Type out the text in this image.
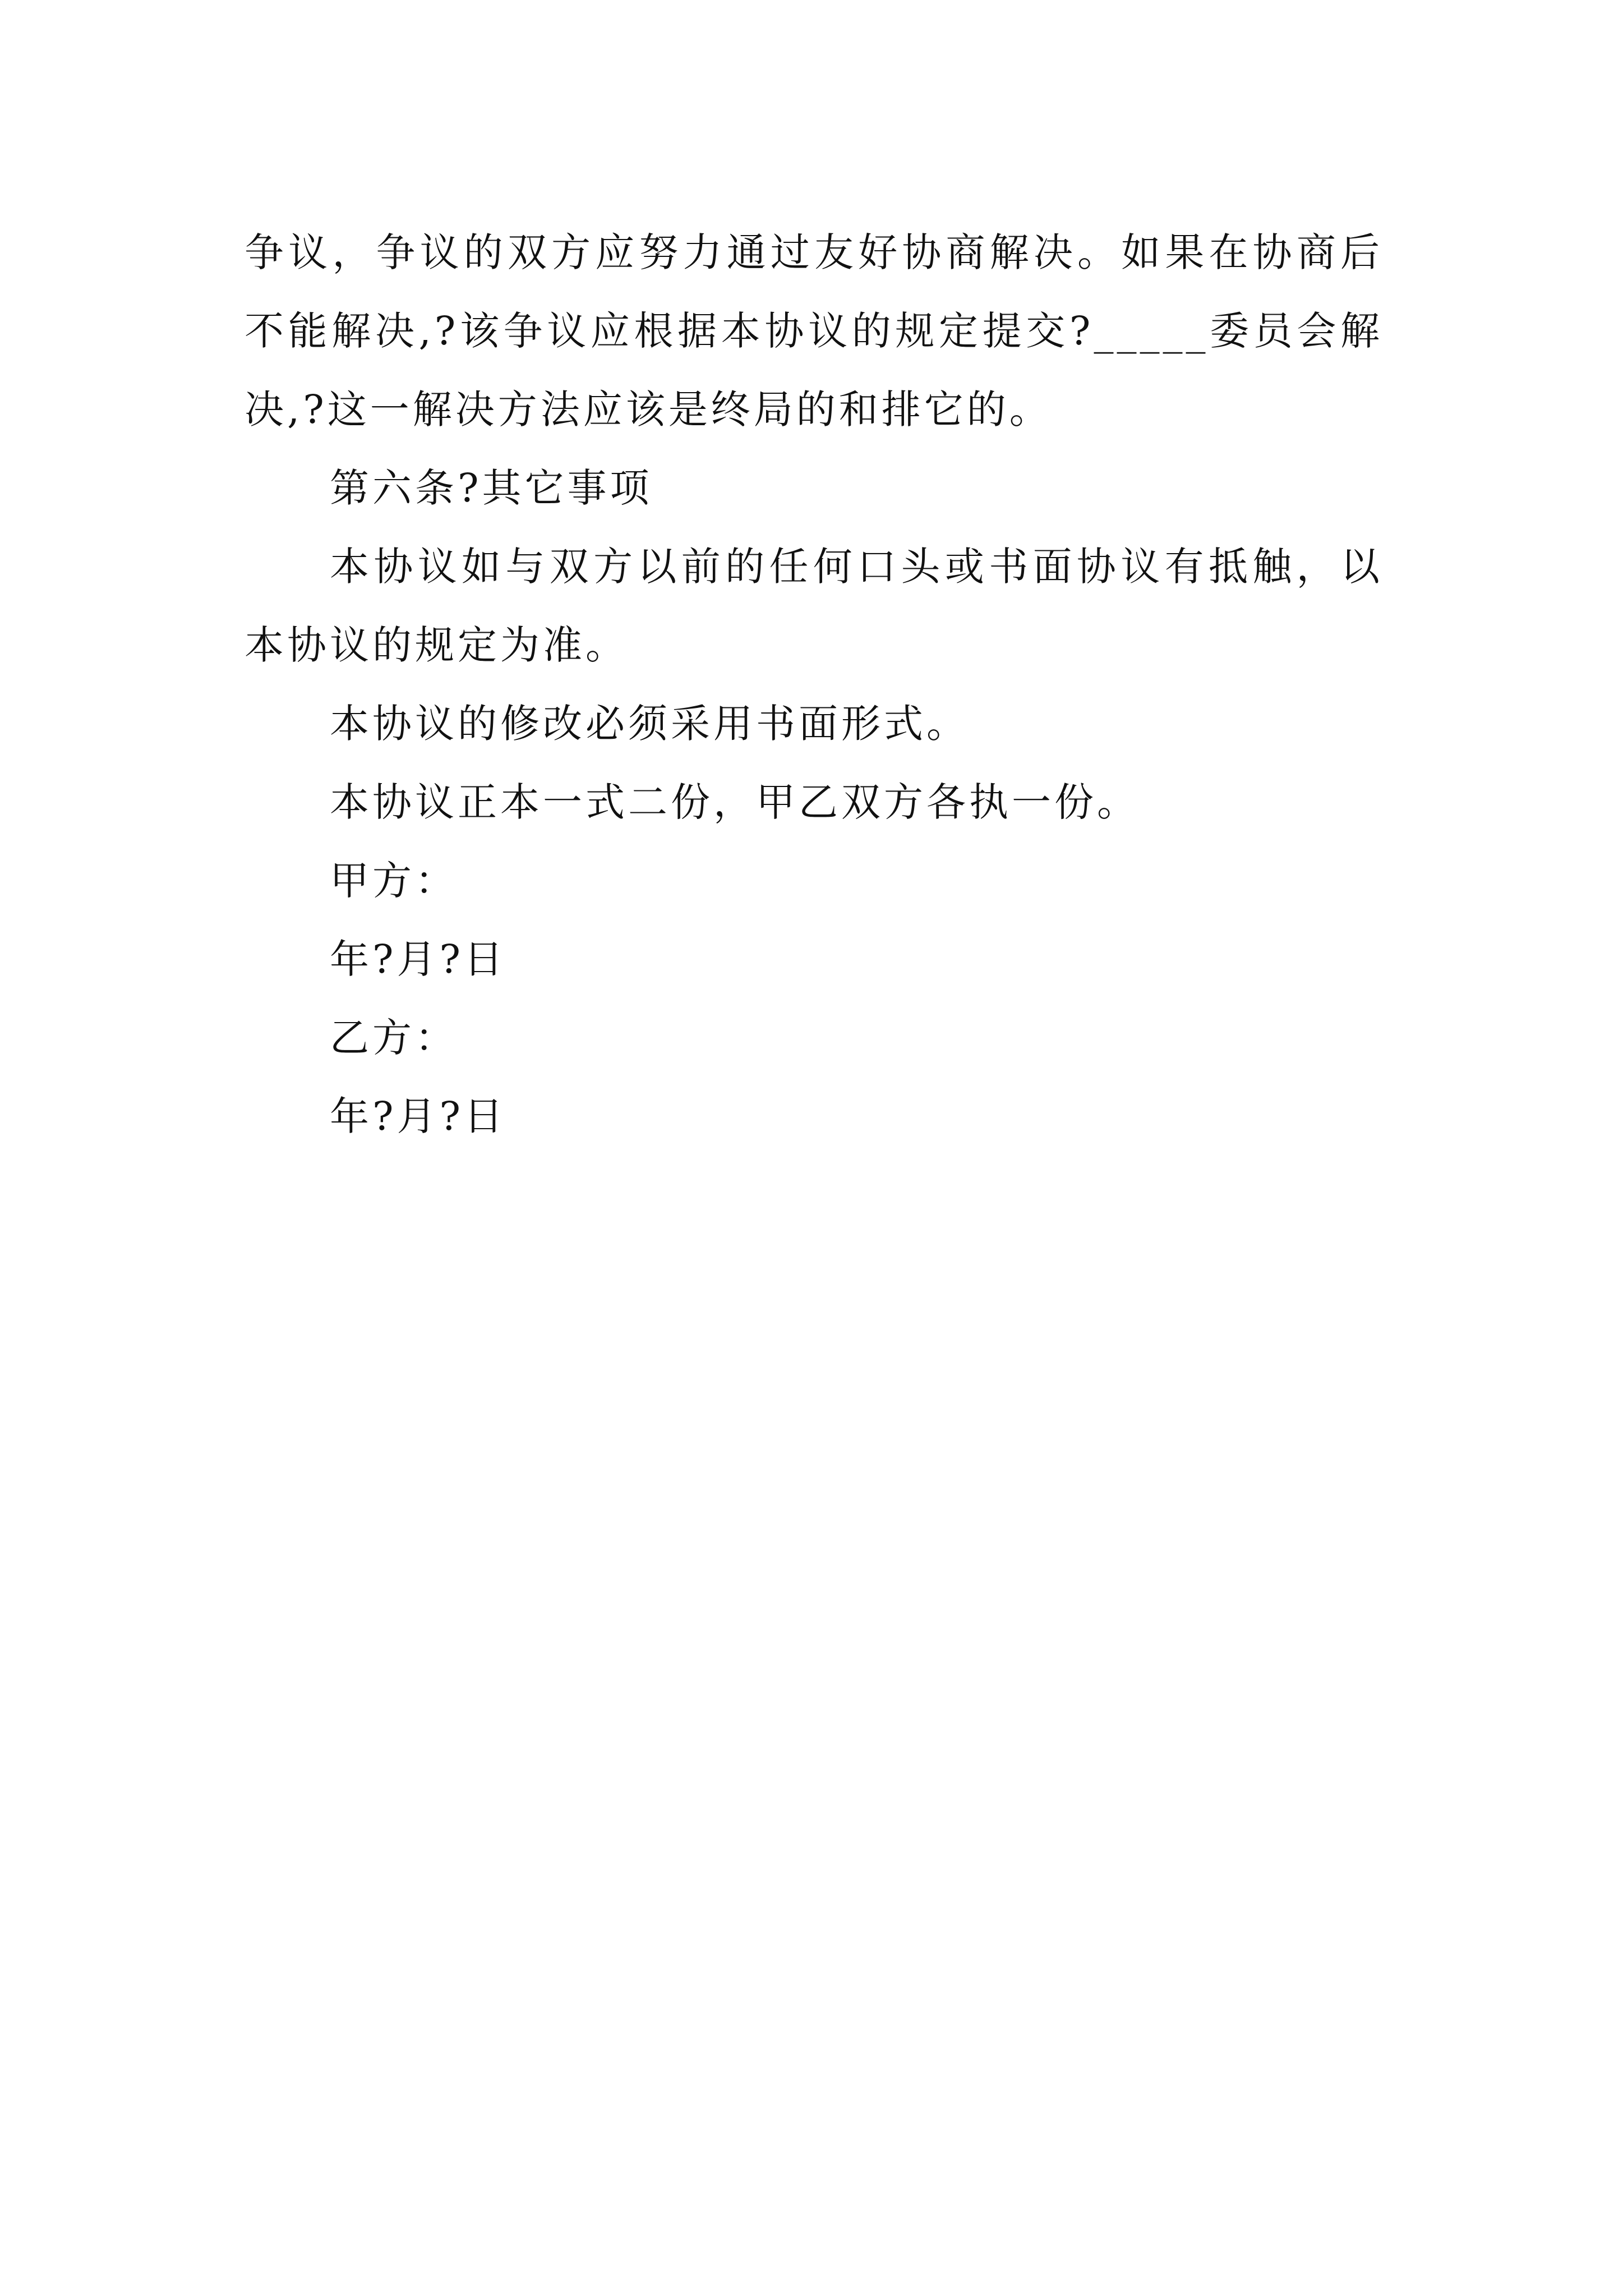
争议，争议的双方应努力通过友好协商解决。如果在协商后不能解决,?该争议应根据本协议的规定提交?_____委员会解决,?这一解决方法应该是终局的和排它的。

第六条?其它事项

本协议如与双方以前的任何口头或书面协议有抵触，以本协议的规定为准。

本协议的修改必须采用书面形式。

本协议正本一式二份，甲乙双方各执一份。

甲方：

年?月?日

乙方：

年?月?日
